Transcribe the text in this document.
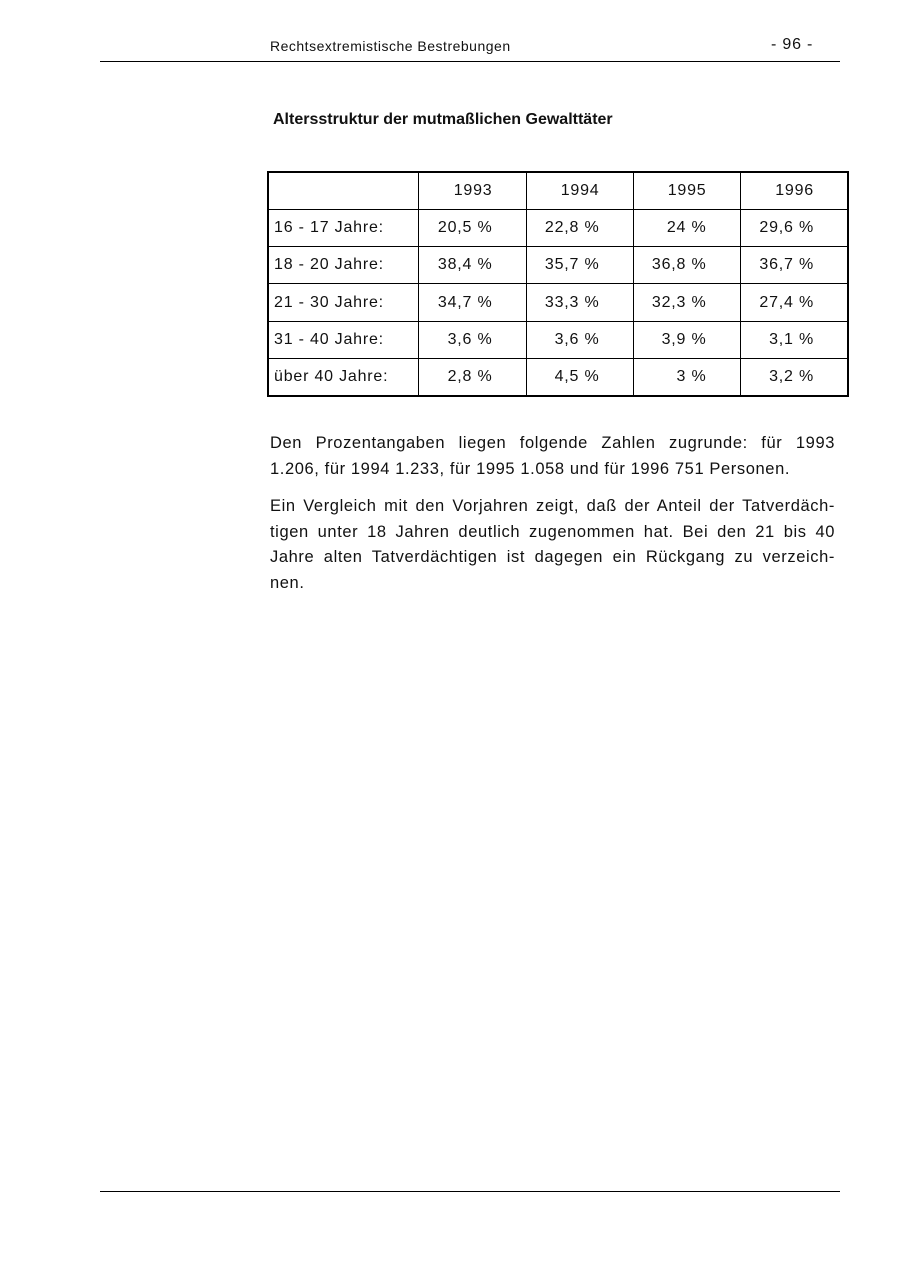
Rechtsextremistische Bestrebungen	- 96 -
Altersstruktur der mutmaßlichen Gewalttäter
	1993	1994	1995	1996
16 - 17 Jahre:	20,5 %	22,8 %	24 %	29,6 %
18 - 20 Jahre:	38,4 %	35,7 %	36,8 %	36,7 %
21 - 30 Jahre:	34,7 %	33,3 %	32,3 %	27,4 %
31 - 40 Jahre:	3,6 %	3,6 %	3,9 %	3,1 %
über 40 Jahre:	2,8 %	4,5 %	3 %	3,2 %
Den Prozentangaben liegen folgende Zahlen zugrunde: für 1993
1.206, für 1994 1.233, für 1995 1.058 und für 1996 751 Personen.
Ein Vergleich mit den Vorjahren zeigt, daß der Anteil der Tatverdäch-
tigen unter 18 Jahren deutlich zugenommen hat. Bei den 21 bis 40
Jahre alten Tatverdächtigen ist dagegen ein Rückgang zu verzeich-
nen.
